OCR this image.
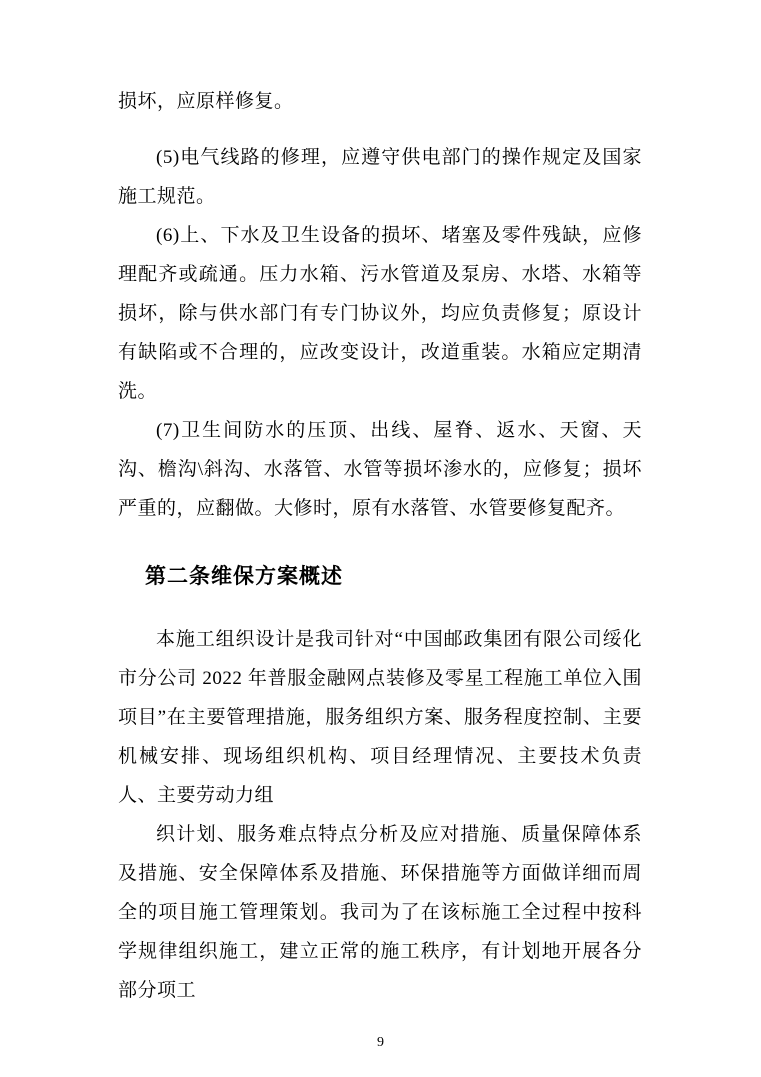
损坏，应原样修复。

(5)电气线路的修理，应遵守供电部门的操作规定及国家施工规范。

(6)上、下水及卫生设备的损坏、堵塞及零件残缺，应修理配齐或疏通。压力水箱、污水管道及泵房、水塔、水箱等损坏，除与供水部门有专门协议外，均应负责修复；原设计有缺陷或不合理的，应改变设计，改道重装。水箱应定期清洗。

(7)卫生间防水的压顶、出线、屋脊、返水、天窗、天沟、檐沟\斜沟、水落管、水管等损坏渗水的，应修复；损坏严重的，应翻做。大修时，原有水落管、水管要修复配齐。

第二条维保方案概述

本施工组织设计是我司针对“中国邮政集团有限公司绥化市分公司 2022 年普服金融网点装修及零星工程施工单位入围项目”在主要管理措施，服务组织方案、服务程度控制、主要机械安排、现场组织机构、项目经理情况、主要技术负责人、主要劳动力组

织计划、服务难点特点分析及应对措施、质量保障体系及措施、安全保障体系及措施、环保措施等方面做详细而周全的项目施工管理策划。我司为了在该标施工全过程中按科学规律组织施工，建立正常的施工秩序，有计划地开展各分部分项工

9
